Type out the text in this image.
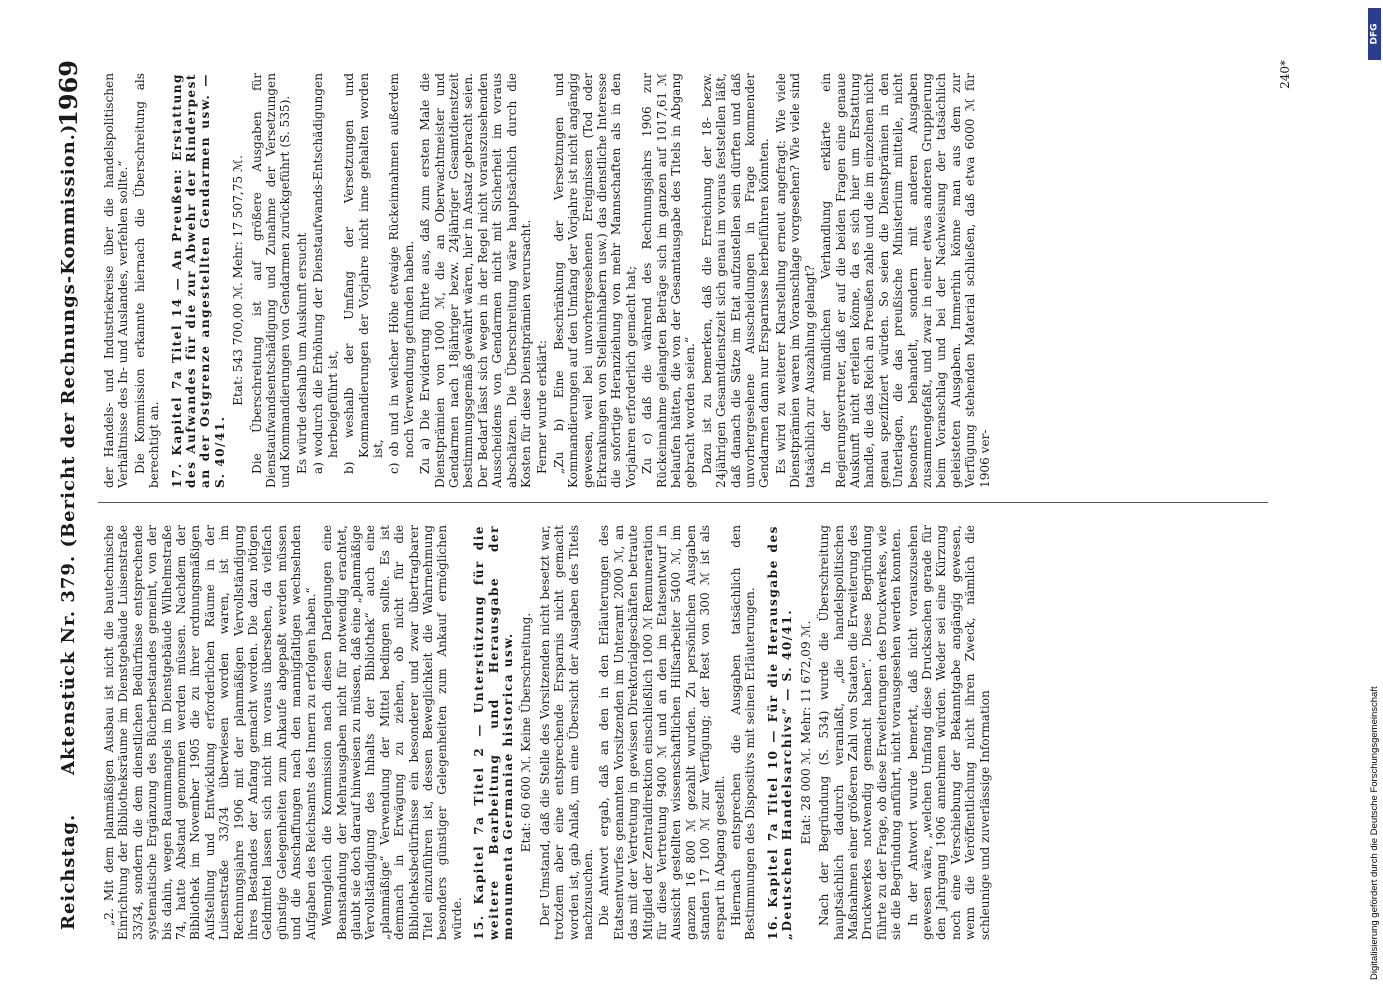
Reichstag.
Aktenstück Nr. 379. (Bericht der Rechnungs-Kommission.)
1969

„2. Mit dem planmäßigen Ausbau ist nicht die bautechnische Einrichtung der Bibliotheksräume im Dienstgebäude Luisenstraße 33/34, sondern die dem dienstlichen Bedürfnisse entsprechende systematische Ergänzung des Bücherbestandes gemeint, von der bis dahin, wegen Raummangels im Dienstgebäude Wilhelmstraße 74, hatte Abstand genommen werden müssen. Nachdem der Bibliothek im November 1905 die zu ihrer ordnungsmäßigen Aufstellung und Entwicklung erforderlichen Räume in der Luisenstraße 33/34 überwiesen worden waren, ist im Rechnungsjahre 1906 mit der planmäßigen Vervollständigung ihres Bestandes der Anfang gemacht worden. Die dazu nötigen Geldmittel lassen sich nicht im voraus übersehen, da vielfach günstige Gelegenheiten zum Ankaufe abgepaßt werden müssen und die Anschaffungen nach den mannigfaltigen wechselnden Aufgaben des Reichsamts des Innern zu erfolgen haben.“ Wenngleich die Kommission nach diesen Darlegungen eine Beanstandung der Mehrausgaben nicht für notwendig erachtet, glaubt sie doch darauf hinweisen zu müssen, daß eine „planmäßige Vervollständigung des Inhalts der Bibliothek“ auch eine „planmäßige“ Verwendung der Mittel bedingen sollte. Es ist demnach in Erwägung zu ziehen, ob nicht für die Bibliotheksbedürfnisse ein besonderer und zwar übertragbarer Titel einzuführen ist, dessen Beweglichkeit die Wahrnehmung besonders günstiger Gelegenheiten zum Ankauf ermöglichen würde. 15. Kapitel 7a Titel 2 — Unterstützung für die weitere Bearbeitung und Herausgabe der monumenta Germaniae historica usw. Etat: 60 600 ℳ. Keine Überschreitung. Der Umstand, daß die Stelle des Vorsitzenden nicht besetzt war, trotzdem aber eine entsprechende Ersparnis nicht gemacht worden ist, gab Anlaß, um eine Übersicht der Ausgaben des Titels nachzusuchen. Die Antwort ergab, daß an den in den Erläuterungen des Etatsentwurfes genannten Vorsitzenden im Unteramt 2000 ℳ, an das mit der Vertretung in gewissen Direktorialgeschäften betraute Mitglied der Zentraldirektion einschließlich 1000 ℳ Remuneration für diese Vertretung 9400 ℳ und an den im Etatsentwurf in Aussicht gestellten wissenschaftlichen Hilfsarbeiter 5400 ℳ, im ganzen 16 800 ℳ gezahlt wurden. Zu persönlichen Ausgaben standen 17 100 ℳ zur Verfügung; der Rest von 300 ℳ ist als erspart in Abgang gestellt. Hiernach entsprechen die Ausgaben tatsächlich den Bestimmungen des Dispositivs mit seinen Erläuterungen. 16. Kapitel 7a Titel 10 — Für die Herausgabe des „Deutschen Handelsarchivs“ — S. 40/41. Etat: 28 000 ℳ. Mehr: 11 672,09 ℳ. Nach der Begründung (S. 534) wurde die Überschreitung hauptsächlich dadurch veranlaßt, „die handelspolitischen Maßnahmen einer größeren Zahl von Staaten die Erweiterung des Druckwerkes notwendig gemacht haben“. Diese Begründung führte zu der Frage, ob diese Erweiterungen des Druckwerkes, wie sie die Begründung anführt, nicht vorausgesehen werden konnten. In der Antwort wurde bemerkt, daß nicht vorauszusehen gewesen wäre, „welchen Umfang diese Drucksachen gerade für den Jahrgang 1906 annehmen würden. Weder sei eine Kürzung noch eine Verschiebung der Bekanntgabe angängig gewesen, wenn die Veröffentlichung nicht ihren Zweck, nämlich die schleunige und zuverlässige Information

der Handels- und Industriekreise über die handelspolitischen Verhältnisse des In- und Auslandes, verfehlen sollte.“ Die Kommission erkannte hiernach die Überschreitung als berechtigt an. 17. Kapitel 7a Titel 14 — An Preußen: Erstattung des Aufwandes für die zur Abwehr der Rinderpest an der Ostgrenze angestellten Gendarmen usw. — S. 40/41.

Etat: 543 700,00 ℳ. Mehr: 17 507,75 ℳ. Die Überschreitung ist auf größere Ausgaben für Dienstaufwandsentschädigung und Zunahme der Versetzungen und Kommandierungen von Gendarmen zurückgeführt (S. 535). Es würde deshalb um Auskunft ersucht a) wodurch die Erhöhung der Dienstaufwands-Entschädigungen herbeigeführt ist, b) weshalb der Umfang der Versetzungen und Kommandierungen der Vorjahre nicht inne gehalten worden ist, c) ob und in welcher Höhe etwaige Rückeinnahmen außerdem noch Verwendung gefunden haben. Zu a) Die Erwiderung führte aus, daß zum ersten Male die Dienstprämien von 1000 ℳ, die an Oberwachtmeister und Gendarmen nach 18jähriger bezw. 24jähriger Gesamtdienstzeit bestimmungsgemäß gewährt wären, hier in Ansatz gebracht seien. Der Bedarf lässt sich wegen in der Regel nicht vorauszusehenden Ausscheidens von Gendarmen nicht mit Sicherheit im voraus abschätzen. Die Überschreitung wäre hauptsächlich durch die Kosten für diese Dienstprämien verursacht. Ferner wurde erklärt: „Zu b) Eine Beschränkung der Versetzungen und Kommandierungen auf den Umfang der Vorjahre ist nicht angängig gewesen, weil bei unvorhergesehenen Ereignissen (Tod oder Erkrankungen von Stelleninhabern usw.) das dienstliche Interesse die sofortige Heranziehung von mehr Mannschaften als in den Vorjahren erforderlich gemacht hat; Zu c) daß die während des Rechnungsjahrs 1906 zur Rückeinnahme gelangten Beträge sich im ganzen auf 1017,61 ℳ belaufen hätten, die von der Gesamtausgabe des Titels in Abgang gebracht worden seien.“ Dazu ist zu bemerken, daß die Erreichung der 18- bezw. 24jährigen Gesamtdienstzeit sich genau im voraus feststellen läßt, daß danach die Sätze im Etat aufzustellen sein dürften und daß unvorhergesehene Ausscheidungen in Frage kommender Gendarmen dann nur Ersparnisse herbeiführen könnten. Es wird zu weiterer Klarstellung erneut angefragt: Wie viele Dienstprämien waren im Voranschlage vorgesehen? Wie viele sind tatsächlich zur Auszahlung gelangt? In der mündlichen Verhandlung erklärte ein Regierungsvertreter, daß er auf die beiden Fragen eine genaue Auskunft nicht erteilen könne, da es sich hier um Erstattung handle, die das Reich an Preußen zahle und die im einzelnen nicht genau spezifiziert würden. So seien die Dienstprämien in den Unterlagen, die das preußische Ministerium mitteile, nicht besonders behandelt, sondern mit anderen Ausgaben zusammengefaßt, und zwar in einer etwas anderen Gruppierung beim Voranschlag und bei der Nachweisung der tatsächlich geleisteten Ausgaben. Immerhin könne man aus dem zur Verfügung stehenden Material schließen, daß etwa 6000 ℳ für 1906 ver-

240*
DFG
Digitalisierung gefördert durch die Deutsche Forschungsgemeinschaft
